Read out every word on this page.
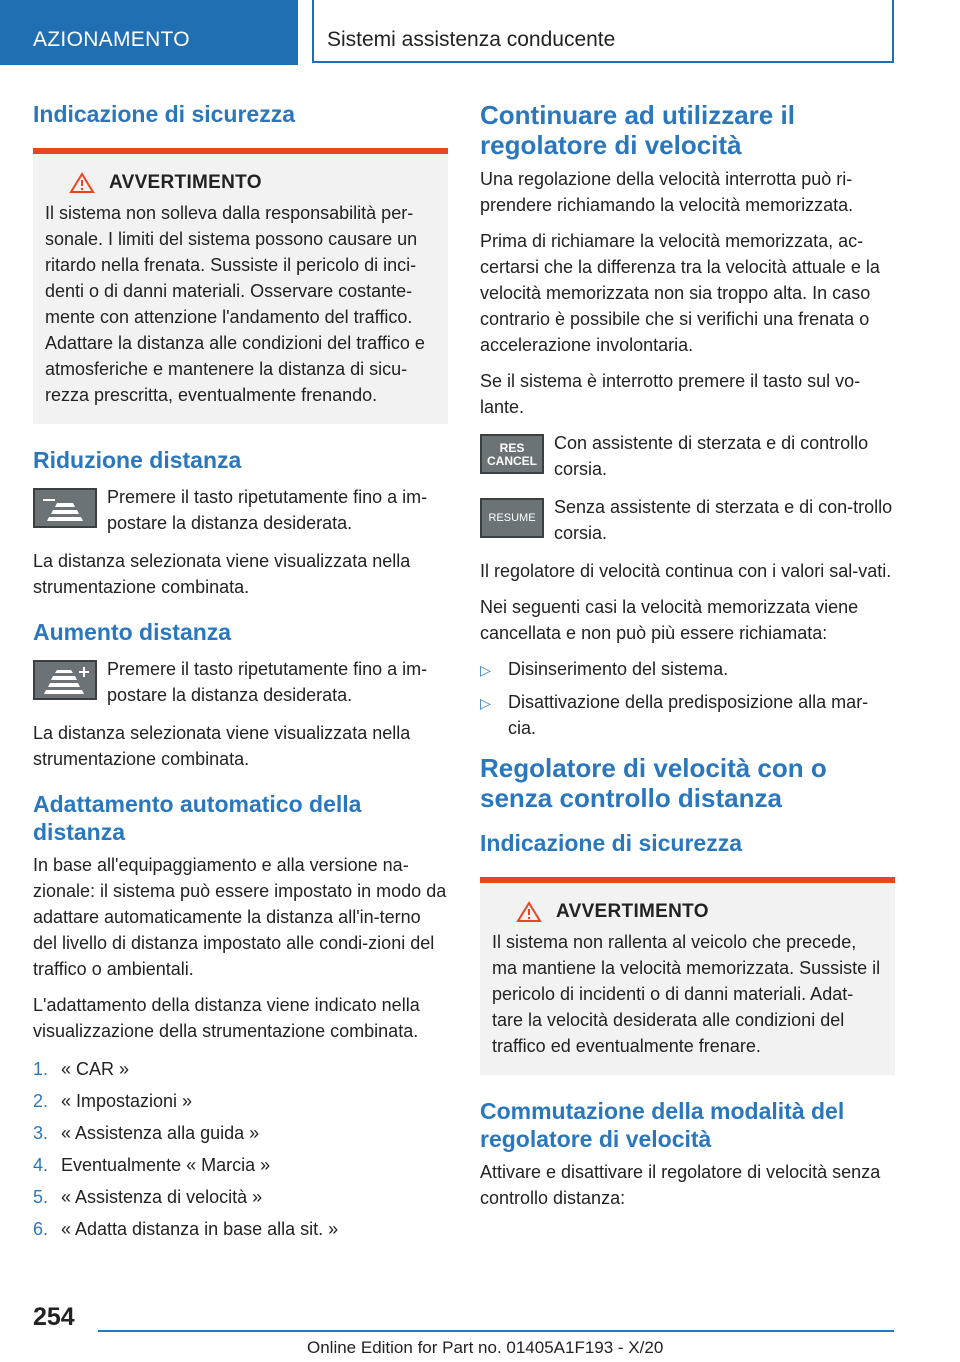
AZIONAMENTO	Sistemi assistenza conducente
Indicazione di sicurezza
AVVERTIMENTO

Il sistema non solleva dalla responsabilità per-sonale. I limiti del sistema possono causare un ritardo nella frenata. Sussiste il pericolo di inci-denti o di danni materiali. Osservare costante-mente con attenzione l'andamento del traffico. Adattare la distanza alle condizioni del traffico e atmosferiche e mantenere la distanza di sicu-rezza prescritta, eventualmente frenando.

Riduzione distanza

Premere il tasto ripetutamente fino a im-postare la distanza desiderata.

La distanza selezionata viene visualizzata nella strumentazione combinata.

Aumento distanza

Premere il tasto ripetutamente fino a im-postare la distanza desiderata.

La distanza selezionata viene visualizzata nella strumentazione combinata.

Adattamento automatico della distanza

In base all'equipaggiamento e alla versione na-zionale: il sistema può essere impostato in modo da adattare automaticamente la distanza all'in-terno del livello di distanza impostato alle condi-zioni del traffico o ambientali.

L'adattamento della distanza viene indicato nella visualizzazione della strumentazione combinata.

1. « CAR »
2. « Impostazioni »
3. « Assistenza alla guida »
4. Eventualmente « Marcia »
5. « Assistenza di velocità »
6. « Adatta distanza in base alla sit. »
Continuare ad utilizzare il regolatore di velocità

Una regolazione della velocità interrotta può ri-prendere richiamando la velocità memorizzata.

Prima di richiamare la velocità memorizzata, ac-certarsi che la differenza tra la velocità attuale e la velocità memorizzata non sia troppo alta. In caso contrario è possibile che si verifichi una frenata o accelerazione involontaria.

Se il sistema è interrotto premere il tasto sul vo-lante.

RES
CANCEL

Con assistente di sterzata e di controllo corsia.

RESUME

Senza assistente di sterzata e di con-trollo corsia.

Il regolatore di velocità continua con i valori sal-vati.

Nei seguenti casi la velocità memorizzata viene cancellata e non può più essere richiamata:

▷ Disinserimento del sistema.
▷ Disattivazione della predisposizione alla mar-cia.
Regolatore di velocità con o senza controllo distanza
Indicazione di sicurezza
AVVERTIMENTO

Il sistema non rallenta al veicolo che precede, ma mantiene la velocità memorizzata. Sussiste il pericolo di incidenti o di danni materiali. Adat-tare la velocità desiderata alle condizioni del traffico ed eventualmente frenare.

Commutazione della modalità del regolatore di velocità

Attivare e disattivare il regolatore di velocità senza controllo distanza:

254
Online Edition for Part no. 01405A1F193 - X/20
